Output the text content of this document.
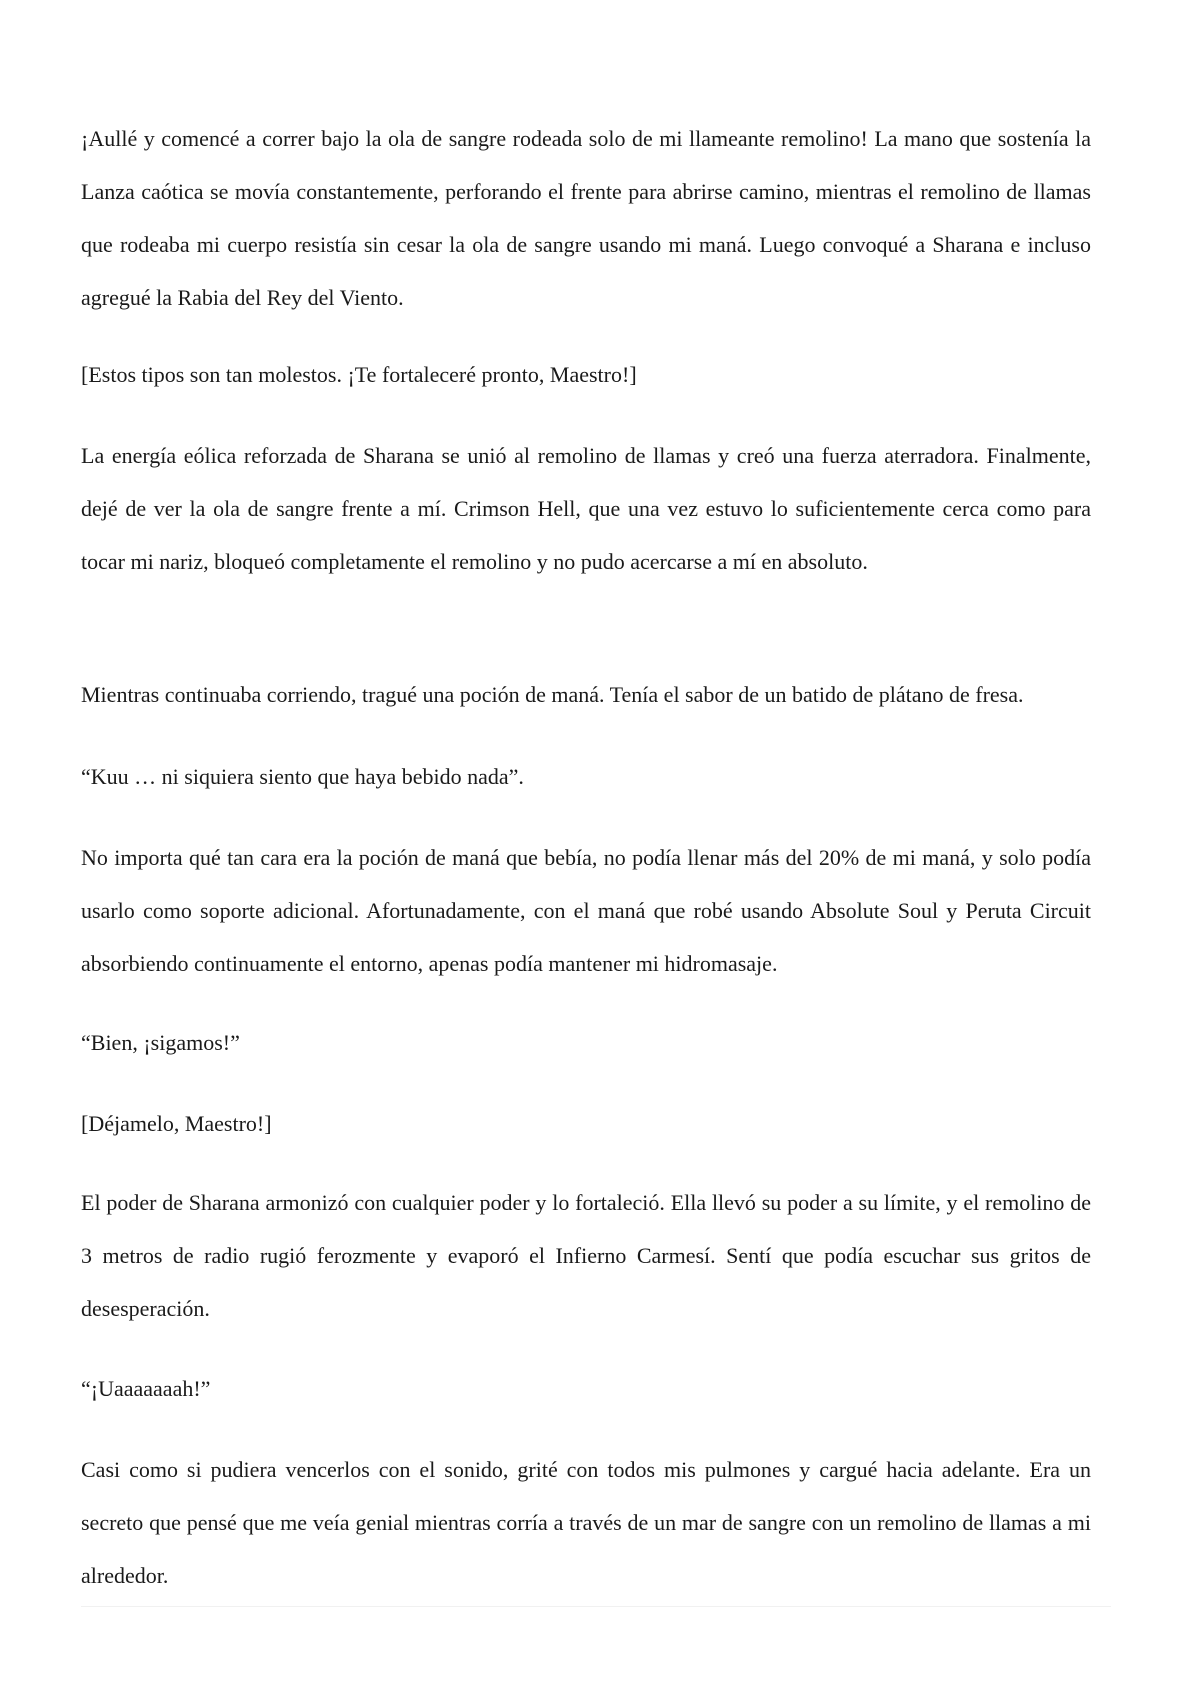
¡Aullé y comencé a correr bajo la ola de sangre rodeada solo de mi llameante remolino! La mano que sostenía la Lanza caótica se movía constantemente, perforando el frente para abrirse camino, mientras el remolino de llamas que rodeaba mi cuerpo resistía sin cesar la ola de sangre usando mi maná. Luego convoqué a Sharana e incluso agregué la Rabia del Rey del Viento.

[Estos tipos son tan molestos. ¡Te fortaleceré pronto, Maestro!]

La energía eólica reforzada de Sharana se unió al remolino de llamas y creó una fuerza aterradora. Finalmente, dejé de ver la ola de sangre frente a mí. Crimson Hell, que una vez estuvo lo suficientemente cerca como para tocar mi nariz, bloqueó completamente el remolino y no pudo acercarse a mí en absoluto.

Mientras continuaba corriendo, tragué una poción de maná. Tenía el sabor de un batido de plátano de fresa.

“Kuu … ni siquiera siento que haya bebido nada”.

No importa qué tan cara era la poción de maná que bebía, no podía llenar más del 20% de mi maná, y solo podía usarlo como soporte adicional. Afortunadamente, con el maná que robé usando Absolute Soul y Peruta Circuit absorbiendo continuamente el entorno, apenas podía mantener mi hidromasaje.

“Bien, ¡sigamos!”

[Déjamelo, Maestro!]

El poder de Sharana armonizó con cualquier poder y lo fortaleció. Ella llevó su poder a su límite, y el remolino de 3 metros de radio rugió ferozmente y evaporó el Infierno Carmesí. Sentí que podía escuchar sus gritos de desesperación.

“¡Uaaaaaaah!”

Casi como si pudiera vencerlos con el sonido, grité con todos mis pulmones y cargué hacia adelante. Era un secreto que pensé que me veía genial mientras corría a través de un mar de sangre con un remolino de llamas a mi alrededor.
